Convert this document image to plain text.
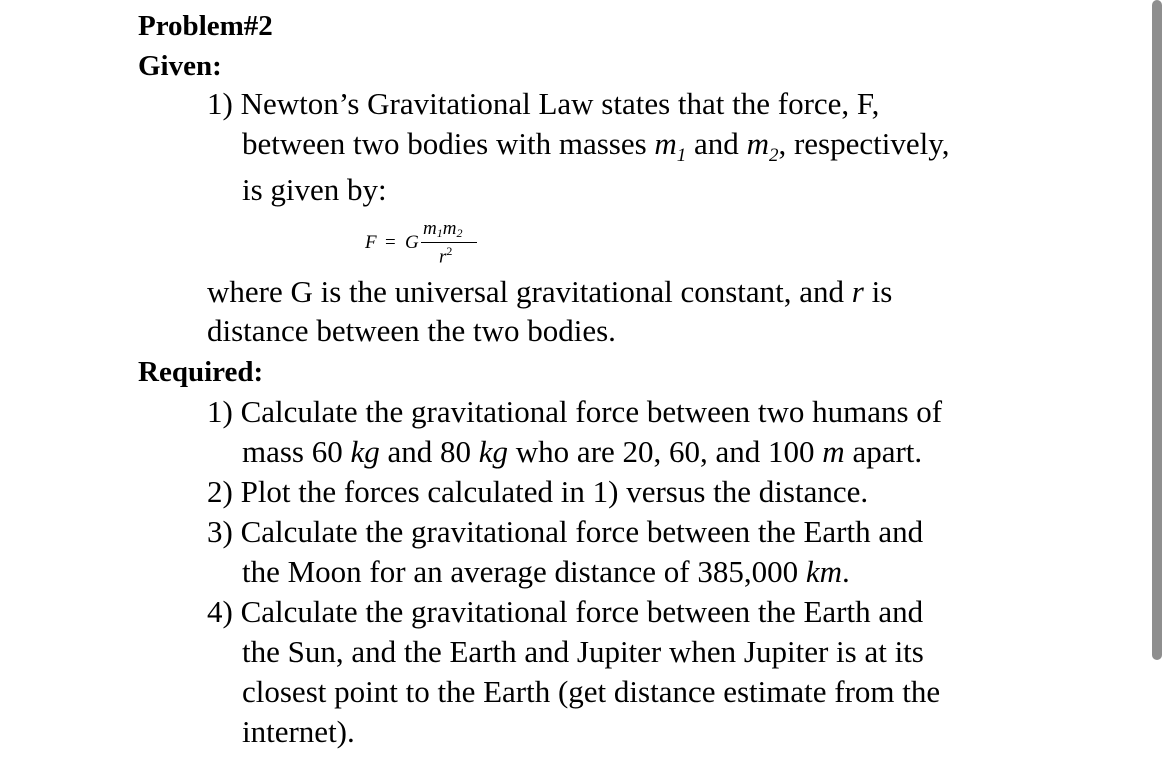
Problem#2
Given:
1) Newton’s Gravitational Law states that the force, F,
between two bodies with masses $m_1$ and $m_2$, respectively,
is given by:
F = G
m1m2
$r^2$
where G is the universal gravitational constant, and r is
distance between the two bodies.
Required:
1) Calculate the gravitational force between two humans of
mass 60 kg and 80 kg who are 20, 60, and 100 m apart.
2) Plot the forces calculated in 1) versus the distance.
3) Calculate the gravitational force between the Earth and
the Moon for an average distance of 385,000 km.
4) Calculate the gravitational force between the Earth and
the Sun, and the Earth and Jupiter when Jupiter is at its
closest point to the Earth (get distance estimate from the
internet).
